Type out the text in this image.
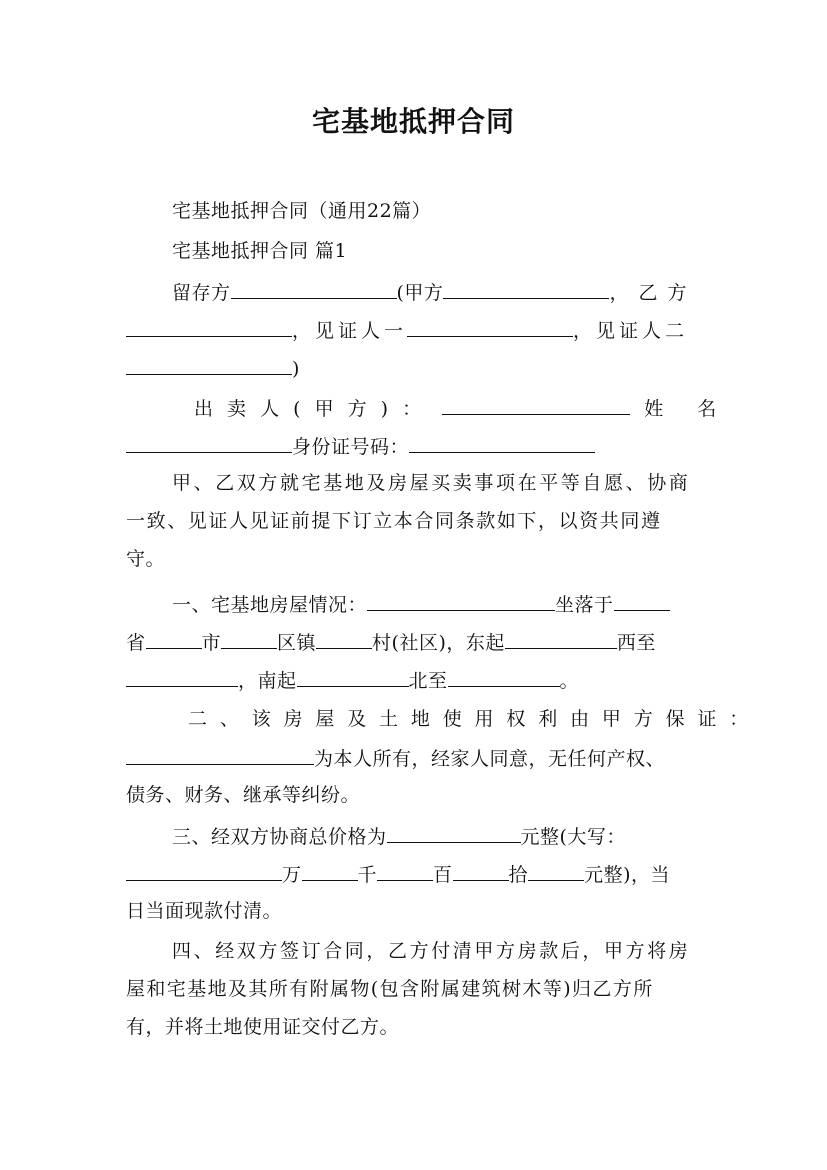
宅基地抵押合同
宅基地抵押合同（通用22篇）
宅基地抵押合同 篇1
留存方	(甲方	，乙方
，见证人一	，见证人二
)
出 卖 人 ( 甲 方 ) ：	姓 名
身份证号码：
甲、乙双方就宅基地及房屋买卖事项在平等自愿、协商
一致、见证人见证前提下订立本合同条款如下，以资共同遵
守。
一、宅基地房屋情况：	坐落于
省	市	区镇	村(社区)，东起	西至
，南起	北至	。
二 、 该 房 屋 及 土 地 使 用 权 利 由 甲 方 保 证 ：
为本人所有，经家人同意，无任何产权、
债务、财务、继承等纠纷。
三、经双方协商总价格为	元整(大写：
万	千	百	拾	元整)，当
日当面现款付清。
四、经双方签订合同，乙方付清甲方房款后，甲方将房
屋和宅基地及其所有附属物(包含附属建筑树木等)归乙方所
有，并将土地使用证交付乙方。
